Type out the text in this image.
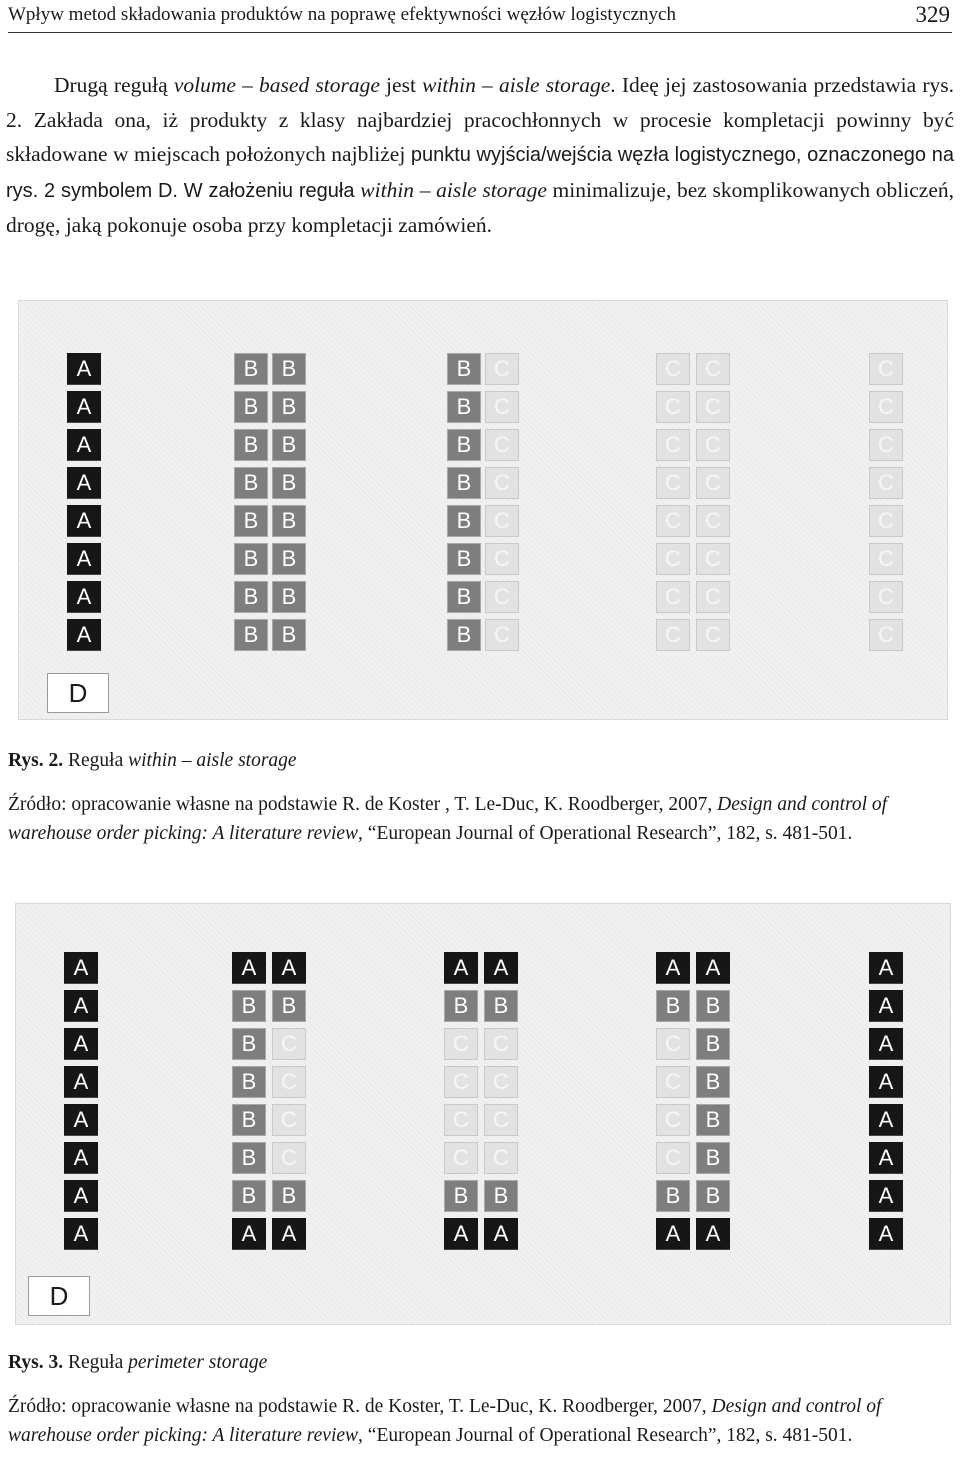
Wpływ metod składowania produktów na poprawę efektywności węzłów logistycznych	329
Drugą regułą volume – based storage jest within – aisle storage. Ideę jej zastosowania przedstawia rys. 2. Zakłada ona, iż produkty z klasy najbardziej pracochłonnych w procesie kompletacji powinny być składowane w miejscach położonych najbliżej punktu wyjścia/wejścia węzła logistycznego, oznaczonego na rys. 2 symbolem D. W założeniu reguła within – aisle storage minimalizuje, bez skomplikowanych obliczeń, drogę, jaką pokonuje osoba przy kompletacji zamówień.
A
A
A
A
A
A
A
A
B
B
B
B
B
B
B
B
B
B
B
B
B
B
B
B
B
B
B
B
B
B
B
B
C
C
C
C
C
C
C
C
C
C
C
C
C
C
C
C
C
C
C
C
C
C
C
C
C
C
C
C
C
C
C
C
D
Rys. 2. Reguła within – aisle storage
Źródło: opracowanie własne na podstawie R. de Koster , T. Le-Duc, K. Roodberger, 2007, Design and control of warehouse order picking: A literature review, “European Journal of Operational Research”, 182, s. 481-501.
A	A	A	A	A	A	A	A
A	B	B	B	B	B	B	A
A	B	C	C	C	C	B	A
A	B	C	C	C	C	B	A
A	B	C	C	C	C	B	A
A	B	C	C	C	C	B	A
A	B	B	B	B	B	B	A
A	A	A	A	A	A	A	A
D
Rys. 3. Reguła perimeter storage
Źródło: opracowanie własne na podstawie R. de Koster, T. Le-Duc, K. Roodberger, 2007, Design and control of warehouse order picking: A literature review, “European Journal of Operational Research”, 182, s. 481-501.
